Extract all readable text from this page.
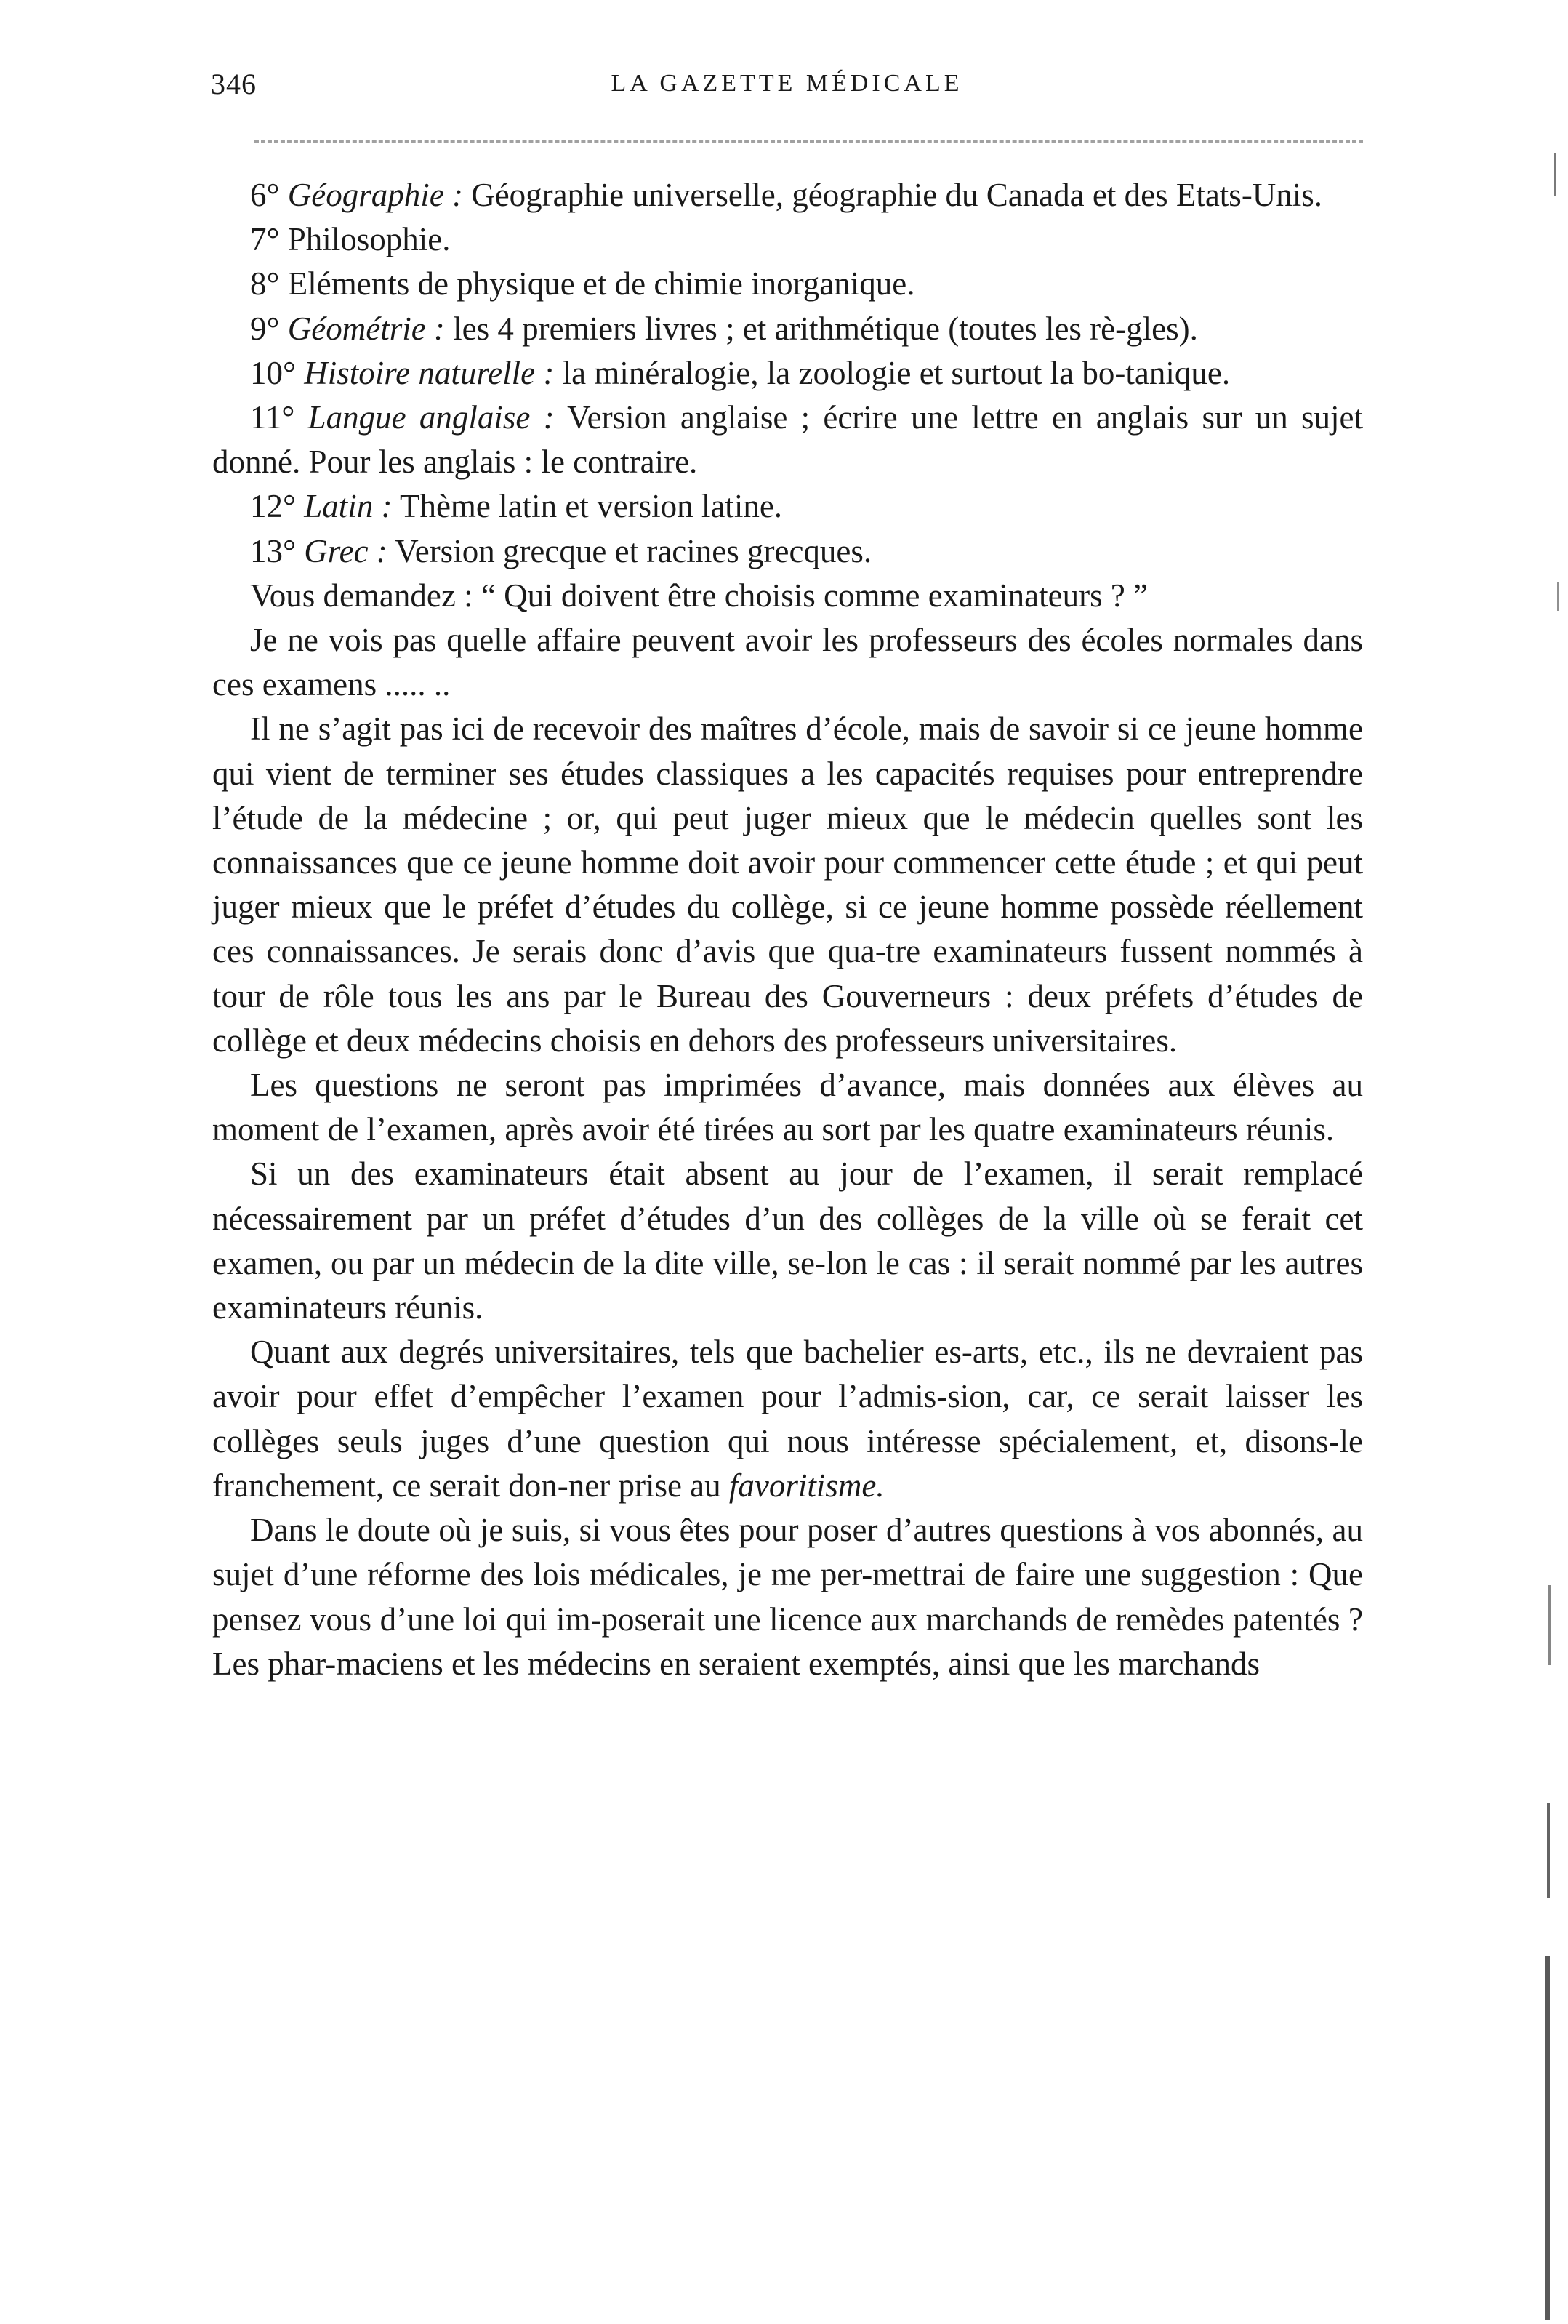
346	LA GAZETTE MÉDICALE

6° Géographie : Géographie universelle, géographie du Canada et des Etats-Unis.

7° Philosophie.

8° Eléments de physique et de chimie inorganique.

9° Géométrie : les 4 premiers livres ; et arithmétique (toutes les rè-gles).

10° Histoire naturelle : la minéralogie, la zoologie et surtout la bo-tanique.

11° Langue anglaise : Version anglaise ; écrire une lettre en anglais sur un sujet donné. Pour les anglais : le contraire.

12° Latin : Thème latin et version latine.

13° Grec : Version grecque et racines grecques.

Vous demandez : “ Qui doivent être choisis comme examinateurs ? ”

Je ne vois pas quelle affaire peuvent avoir les professeurs des écoles normales dans ces examens ..... ..

Il ne s’agit pas ici de recevoir des maîtres d’école, mais de savoir si ce jeune homme qui vient de terminer ses études classiques a les capacités requises pour entreprendre l’étude de la médecine ; or, qui peut juger mieux que le médecin quelles sont les connaissances que ce jeune homme doit avoir pour commencer cette étude ; et qui peut juger mieux que le préfet d’études du collège, si ce jeune homme possède réellement ces connaissances. Je serais donc d’avis que qua-tre examinateurs fussent nommés à tour de rôle tous les ans par le Bureau des Gouverneurs : deux préfets d’études de collège et deux médecins choisis en dehors des professeurs universitaires.

Les questions ne seront pas imprimées d’avance, mais données aux élèves au moment de l’examen, après avoir été tirées au sort par les quatre examinateurs réunis.

Si un des examinateurs était absent au jour de l’examen, il serait remplacé nécessairement par un préfet d’études d’un des collèges de la ville où se ferait cet examen, ou par un médecin de la dite ville, se-lon le cas : il serait nommé par les autres examinateurs réunis.

Quant aux degrés universitaires, tels que bachelier es-arts, etc., ils ne devraient pas avoir pour effet d’empêcher l’examen pour l’admis-sion, car, ce serait laisser les collèges seuls juges d’une question qui nous intéresse spécialement, et, disons-le franchement, ce serait don-ner prise au favoritisme.

Dans le doute où je suis, si vous êtes pour poser d’autres questions à vos abonnés, au sujet d’une réforme des lois médicales, je me per-mettrai de faire une suggestion : Que pensez vous d’une loi qui im-poserait une licence aux marchands de remèdes patentés ? Les phar-maciens et les médecins en seraient exemptés, ainsi que les marchands
